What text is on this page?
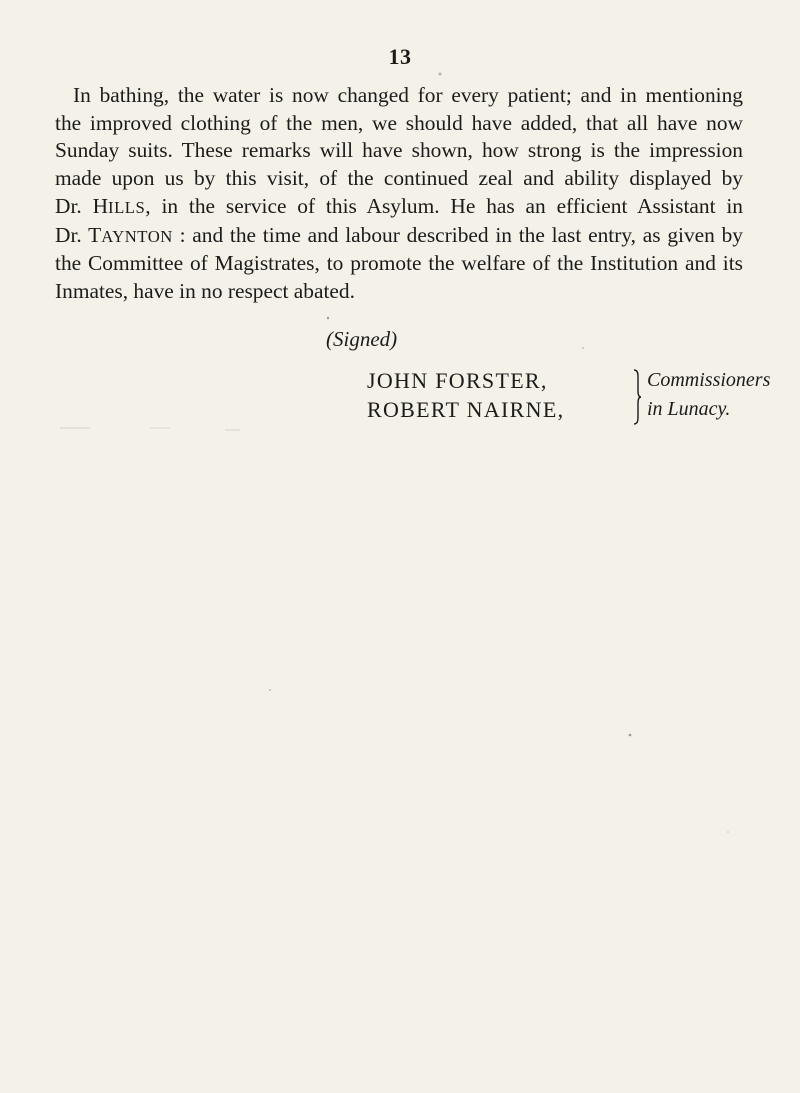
13
In bathing, the water is now changed for every patient; and in mentioning
the improved clothing of the men, we should have added, that all have now
Sunday suits. These remarks will have shown, how strong is the impression
made upon us by this visit, of the continued zeal and ability displayed by
Dr. HILLS, in the service of this Asylum. He has an efficient Assistant in
Dr. TAYNTON : and the time and labour described in the last entry, as given by
the Committee of Magistrates, to promote the welfare of the Institution and its
Inmates, have in no respect abated.
(Signed)
JOHN FORSTER,
ROBERT NAIRNE,
Commissioners
in Lunacy.
